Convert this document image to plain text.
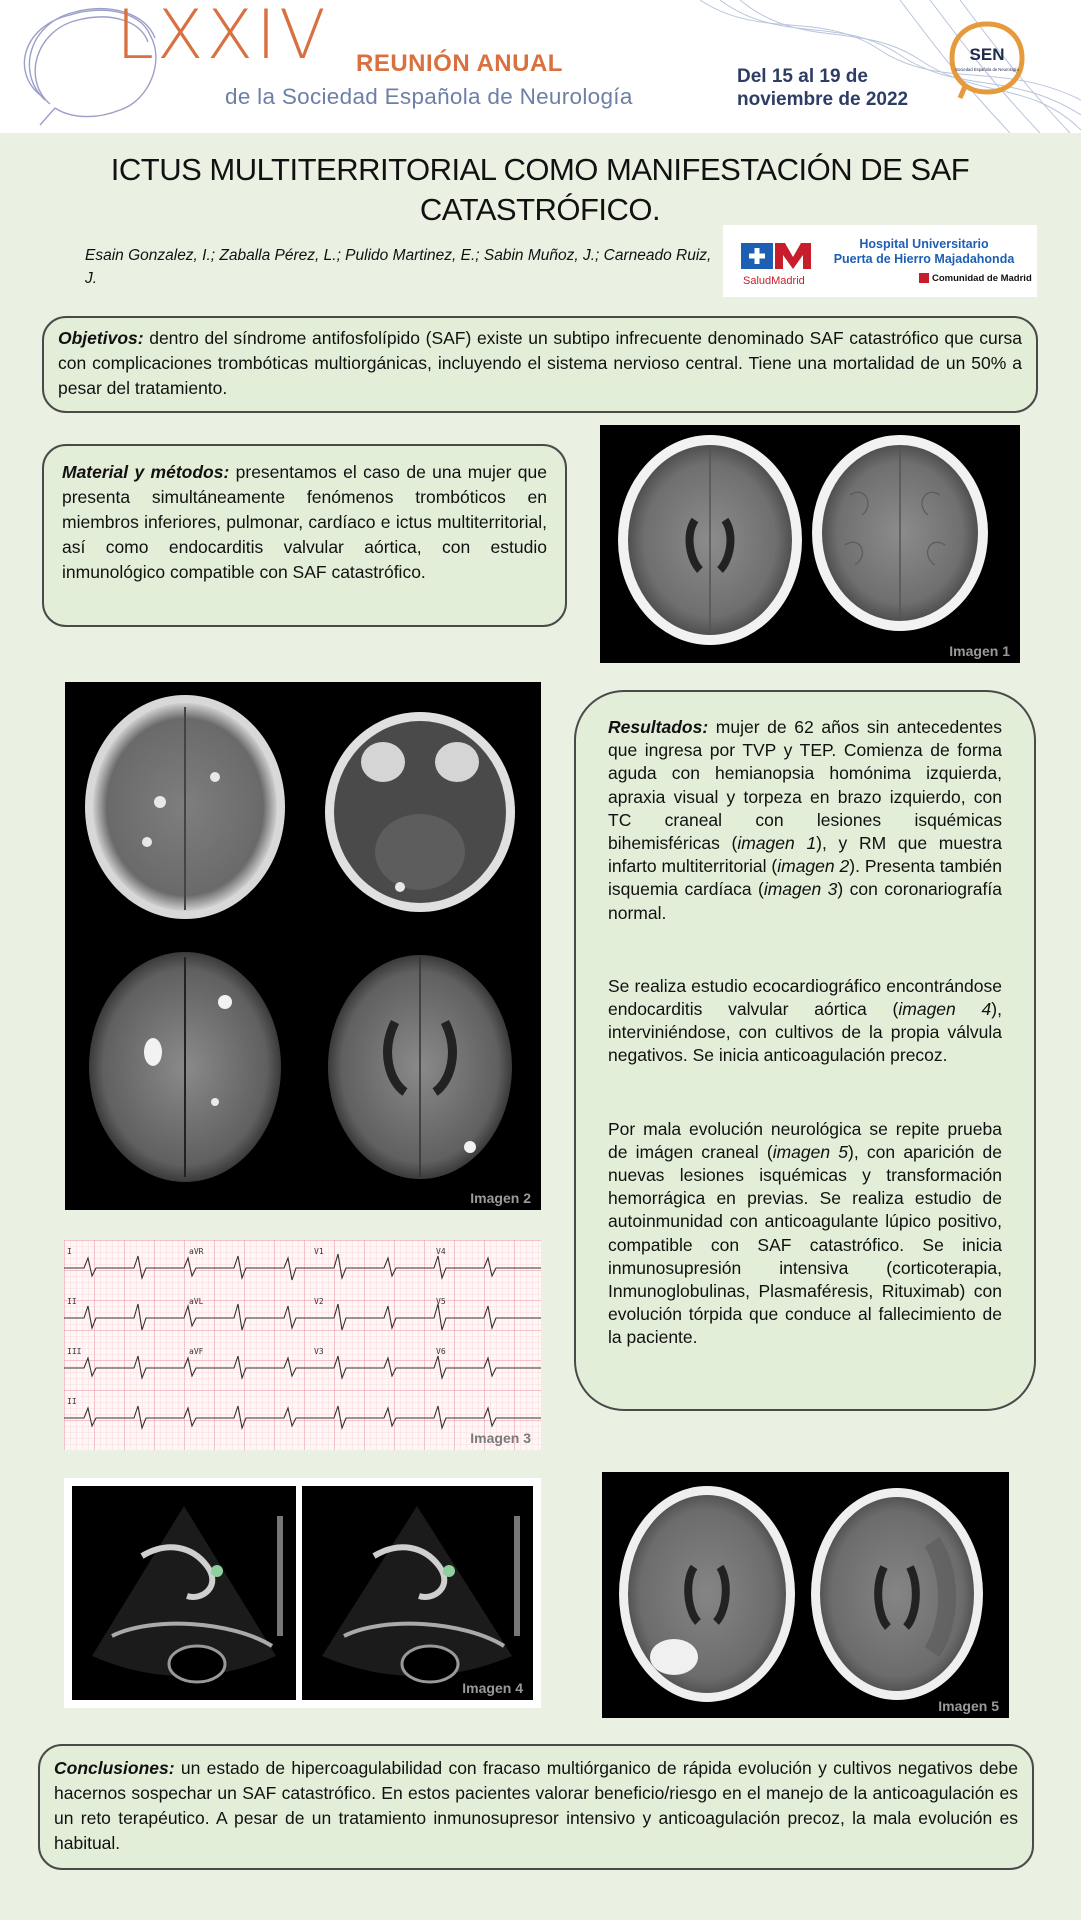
LXXIV REUNIÓN ANUAL
de la Sociedad Española de Neurología
Del 15 al 19 de
noviembre de 2022
SEN
Sociedad Española de Neurología
ICTUS MULTITERRITORIAL COMO MANIFESTACIÓN DE SAF
CATASTRÓFICO.
Esain Gonzalez, I.; Zaballa Pérez, L.; Pulido Martinez, E.; Sabin Muñoz, J.; Carneado Ruiz, J.
Hospital Universitario
Puerta de Hierro Majadahonda
SaludMadrid	Comunidad de Madrid
Objetivos: dentro del síndrome antifosfolípido (SAF) existe un subtipo infrecuente denominado SAF catastrófico que cursa con complicaciones trombóticas multiorgánicas, incluyendo el sistema nervioso central. Tiene una mortalidad de un 50% a pesar del tratamiento.
Material y métodos: presentamos el caso de una mujer que presenta simultáneamente fenómenos trombóticos en miembros inferiores, pulmonar, cardíaco e ictus multiterritorial, así como endocarditis valvular aórtica, con estudio inmunológico compatible con SAF catastrófico.
Imagen 1
Imagen 2
I	aVR	V1	V4
II	aVL	V2	V5
III	aVF	V3	V6
II
Imagen 3
Imagen 4
Imagen 5

Resultados: mujer de 62 años sin antecedentes que ingresa por TVP y TEP. Comienza de forma aguda con hemianopsia homónima izquierda, apraxia visual y torpeza en brazo izquierdo, con TC craneal con lesiones isquémicas bihemisféricas (imagen 1), y RM que muestra infarto multiterritorial (imagen 2). Presenta también isquemia cardíaca (imagen 3) con coronariografía normal.

Se realiza estudio ecocardiográfico encontrándose endocarditis valvular aórtica (imagen 4), interviniéndose, con cultivos de la propia válvula negativos. Se inicia anticoagulación precoz.

Por mala evolución neurológica se repite prueba de imágen craneal (imagen 5), con aparición de nuevas lesiones isquémicas y transformación hemorrágica en previas. Se realiza estudio de autoinmunidad con anticoagulante lúpico positivo, compatible con SAF catastrófico. Se inicia inmunosupresión intensiva (corticoterapia, Inmunoglobulinas, Plasmaféresis, Rituximab) con evolución tórpida que conduce al fallecimiento de la paciente.

Conclusiones: un estado de hipercoagulabilidad con fracaso multiórganico de rápida evolución y cultivos negativos debe hacernos sospechar un SAF catastrófico. En estos pacientes valorar beneficio/riesgo en el manejo de la anticoagulación es un reto terapéutico. A pesar de un tratamiento inmunosupresor intensivo y anticoagulación precoz, la mala evolución es habitual.
